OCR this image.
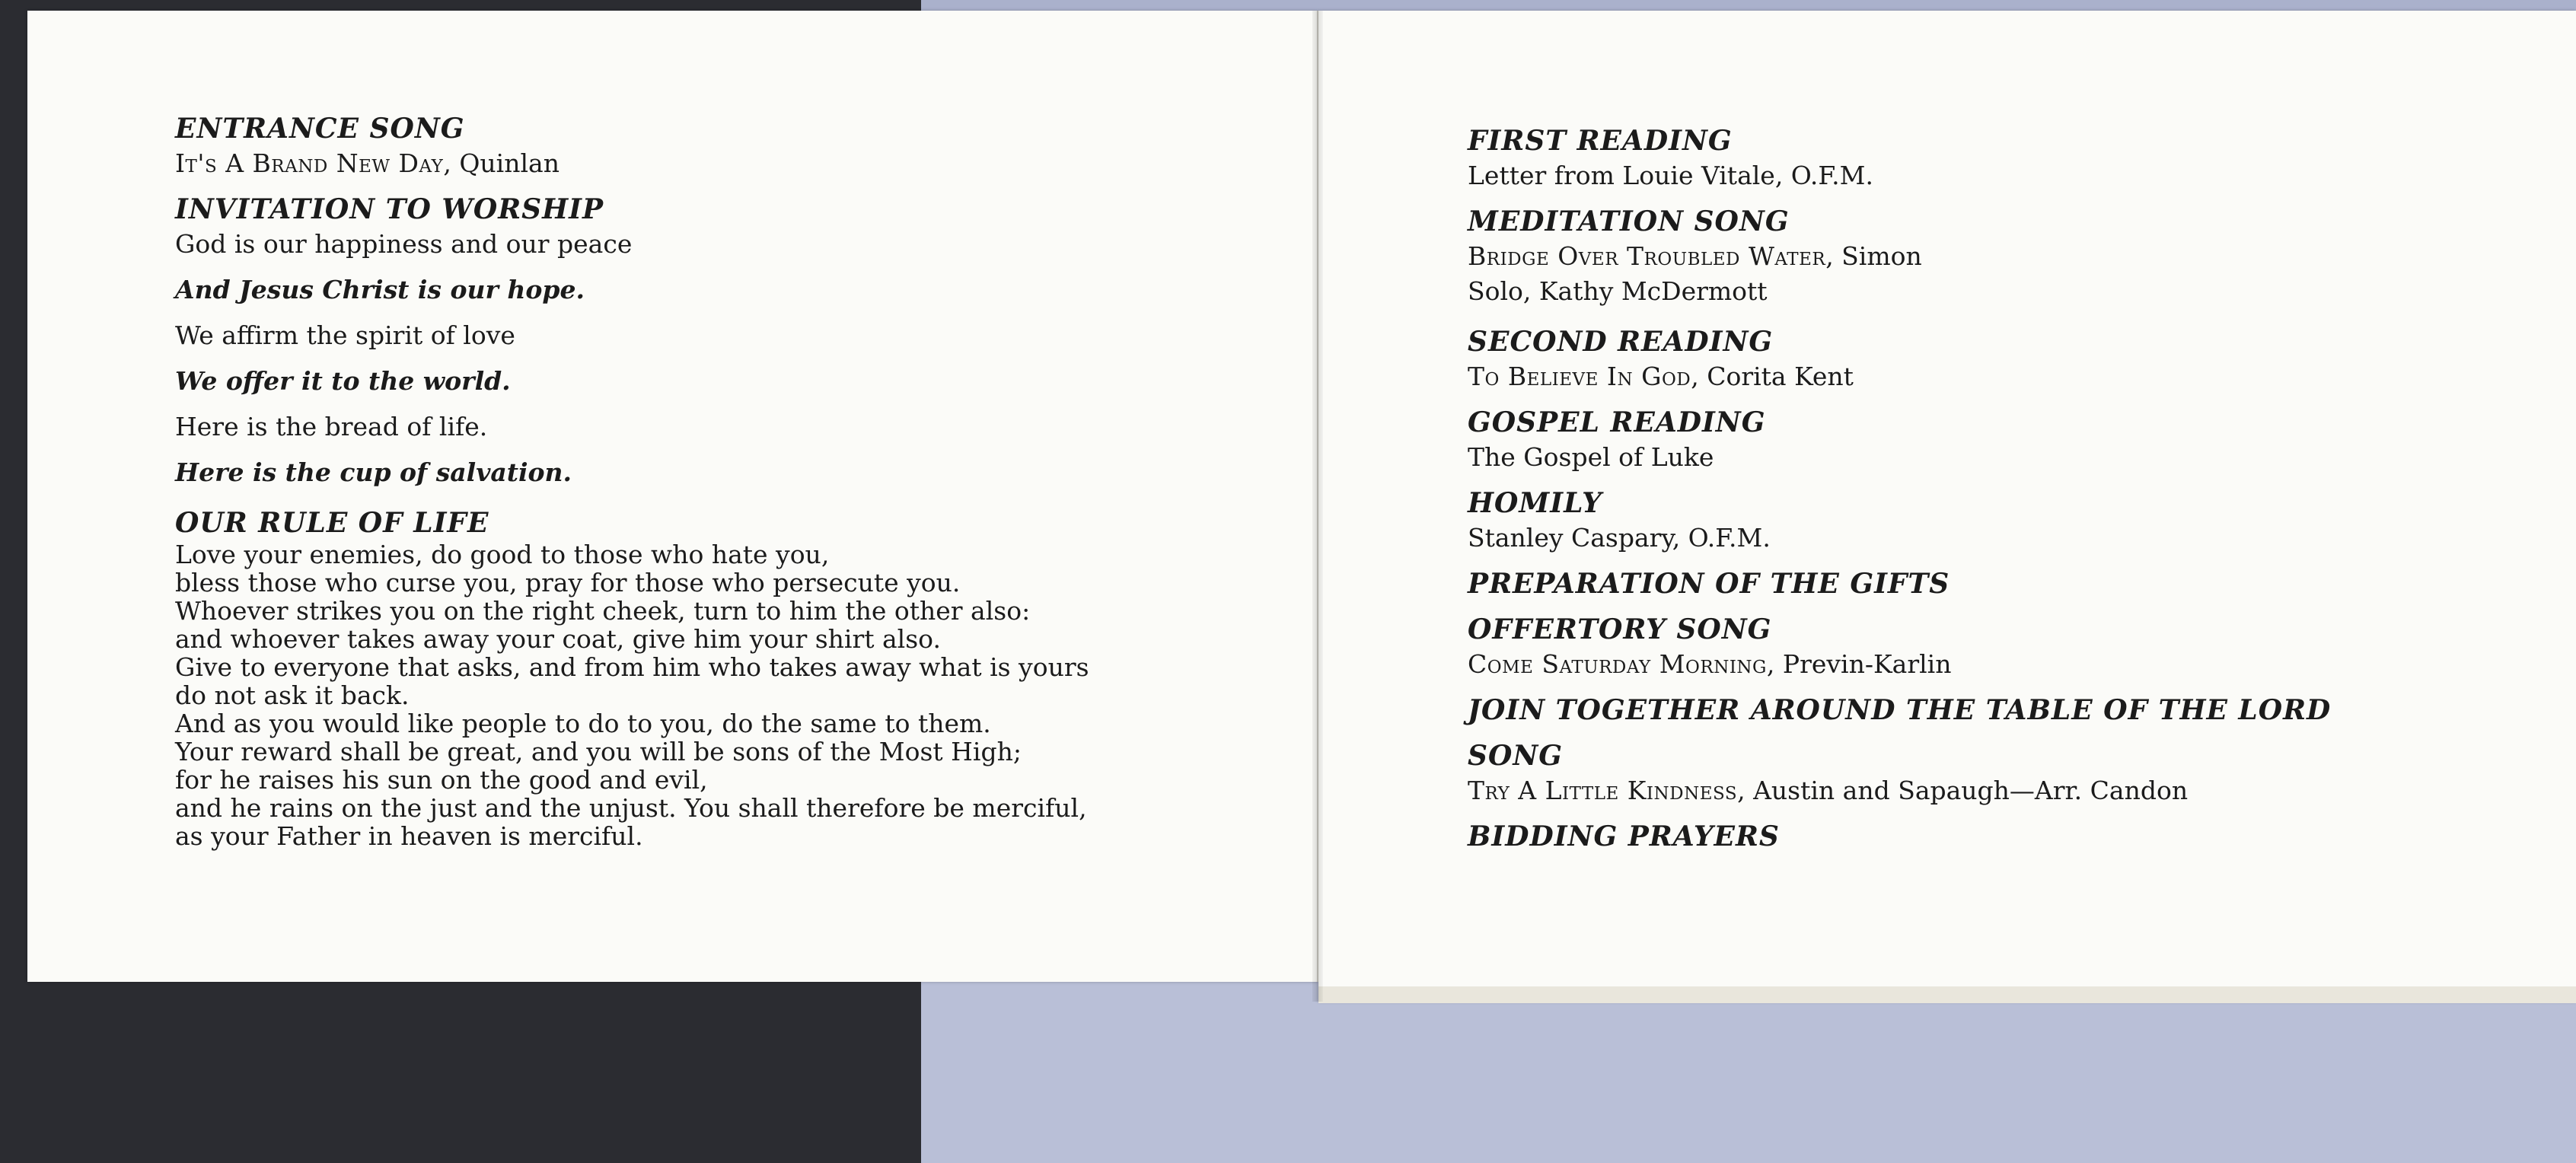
ENTRANCE SONG

It's A Brand New Day, Quinlan

INVITATION TO WORSHIP

God is our happiness and our peace

And Jesus Christ is our hope.

We affirm the spirit of love

We offer it to the world.

Here is the bread of life.

Here is the cup of salvation.

OUR RULE OF LIFE

Love your enemies, do good to those who hate you,

bless those who curse you, pray for those who persecute you.

Whoever strikes you on the right cheek, turn to him the other also:

and whoever takes away your coat, give him your shirt also.

Give to everyone that asks, and from him who takes away what is yours

do not ask it back.

And as you would like people to do to you, do the same to them.

Your reward shall be great, and you will be sons of the Most High;

for he raises his sun on the good and evil,

and he rains on the just and the unjust. You shall therefore be merciful,

as your Father in heaven is merciful.

FIRST READING

Letter from Louie Vitale, O.F.M.

MEDITATION SONG

Bridge Over Troubled Water, Simon

Solo, Kathy McDermott

SECOND READING

To Believe In God, Corita Kent

GOSPEL READING

The Gospel of Luke

HOMILY

Stanley Caspary, O.F.M.

PREPARATION OF THE GIFTS

OFFERTORY SONG

Come Saturday Morning, Previn-Karlin

JOIN TOGETHER AROUND THE TABLE OF THE LORD

SONG

Try A Little Kindness, Austin and Sapaugh—Arr. Candon

BIDDING PRAYERS
